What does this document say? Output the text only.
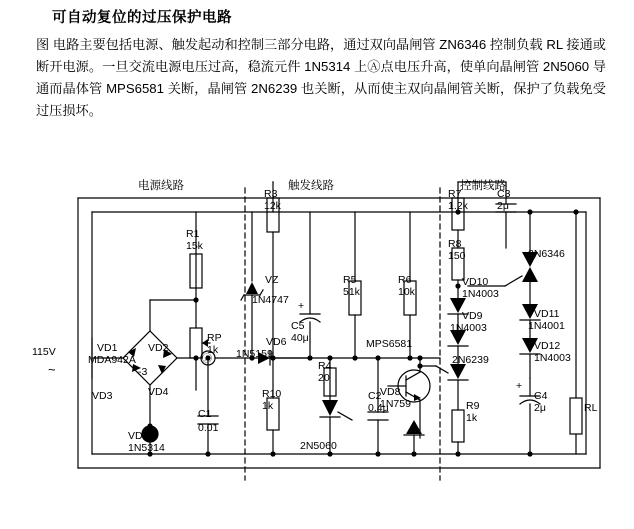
可自动复位的过压保护电路
图 电路主要包括电源、触发起动和控制三部分电路，通过双向晶闸管 ZN6346 控制负载 RL 接通或断开电源。一旦交流电源电压过高，稳流元件 1N5314 上Ⓐ点电压升高，使单向晶闸管 2N5060 导通而晶体管 MPS6581 关断，晶闸管 2N6239 也关断，从而使主双向晶闸管关断，保护了负载免受过压损坏。
电源线路	触发线路	控制线路
115V
~
R1
15k
RP
1k
VD1	VD2
VD3	VD4
MDA942A
-3
Ⓐ
VD7
1N5314
C1
0.01
VZ
1N4747 +
C5
40μ
R3
12k
R5
51k
R6
10k
R10
1k
R4
20
2N5060
C2
0.4μ
MPS6581
VD8
1N759
R7
1.2k
C3
2μ
R8
150
VD10
1N4003
VD9
1N4003
2N6239
R9
1k
2N6346
VD11
1N4001
VD12
1N4003
+
C4
2μ	RL
VD6
1N5159
